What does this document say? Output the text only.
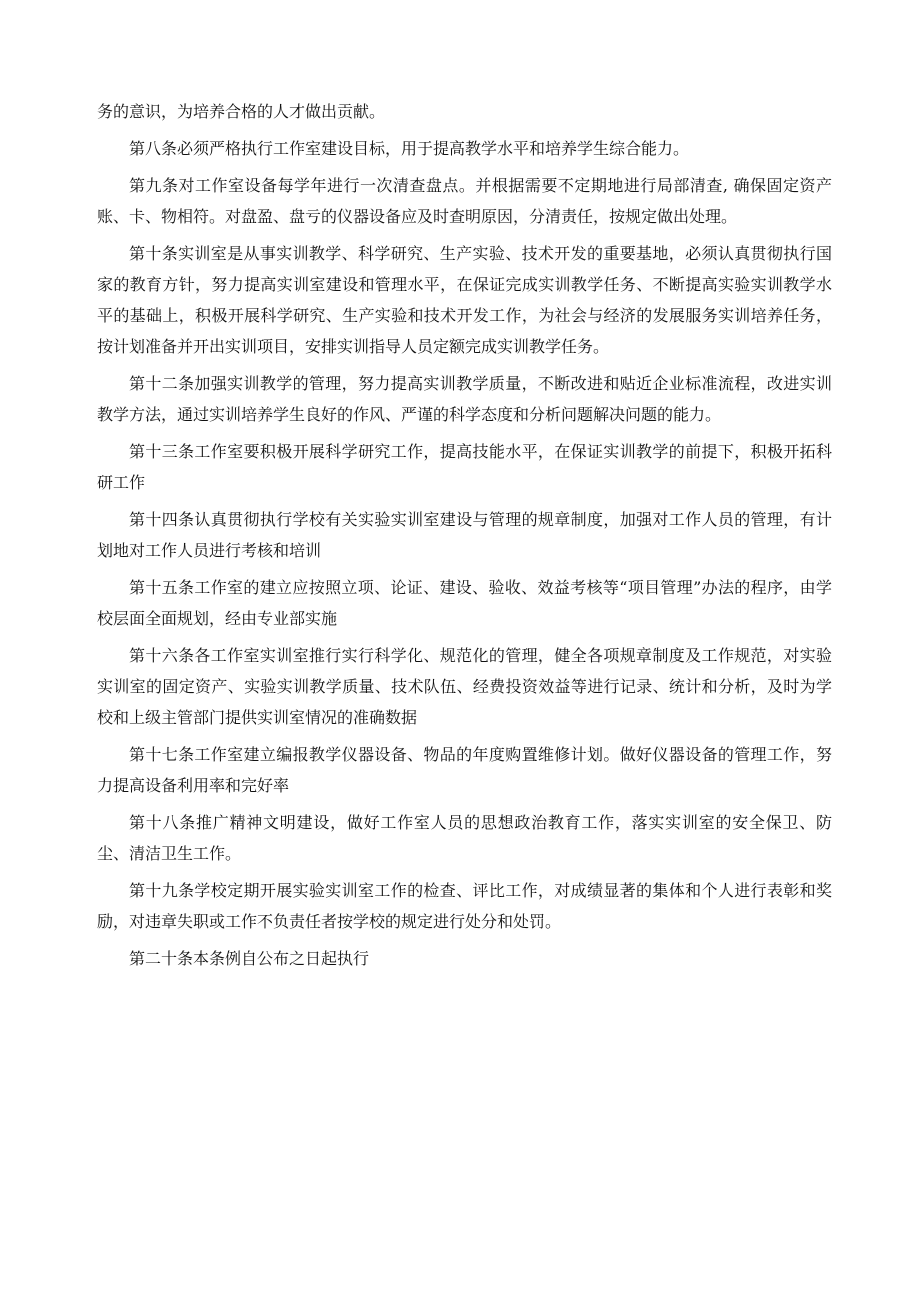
务的意识，为培养合格的人才做出贡献。

第八条必须严格执行工作室建设目标，用于提高教学水平和培养学生综合能力。

第九条对工作室设备每学年进行一次清查盘点。并根据需要不定期地进行局部清查, 确保固定资产账、卡、物相符。对盘盈、盘亏的仪器设备应及时查明原因，分清责任，按规定做出处理。

第十条实训室是从事实训教学、科学研究、生产实验、技术开发的重要基地，必须认真贯彻执行国家的教育方针，努力提高实训室建设和管理水平，在保证完成实训教学任务、不断提高实验实训教学水平的基础上，积极开展科学研究、生产实验和技术开发工作，为社会与经济的发展服务实训培养任务，按计划准备并开出实训项目，安排实训指导人员定额完成实训教学任务。

第十二条加强实训教学的管理，努力提高实训教学质量，不断改进和贴近企业标准流程，改进实训教学方法，通过实训培养学生良好的作风、严谨的科学态度和分析问题解决问题的能力。

第十三条工作室要积极开展科学研究工作，提高技能水平，在保证实训教学的前提下，积极开拓科研工作

第十四条认真贯彻执行学校有关实验实训室建设与管理的规章制度，加强对工作人员的管理，有计划地对工作人员进行考核和培训

第十五条工作室的建立应按照立项、论证、建设、验收、效益考核等“项目管理”办法的程序，由学校层面全面规划，经由专业部实施

第十六条各工作室实训室推行实行科学化、规范化的管理，健全各项规章制度及工作规范，对实验实训室的固定资产、实验实训教学质量、技术队伍、经费投资效益等进行记录、统计和分析，及时为学校和上级主管部门提供实训室情况的准确数据

第十七条工作室建立编报教学仪器设备、物品的年度购置维修计划。做好仪器设备的管理工作，努力提高设备利用率和完好率

第十八条推广精神文明建设，做好工作室人员的思想政治教育工作，落实实训室的安全保卫、防尘、清洁卫生工作。

第十九条学校定期开展实验实训室工作的检查、评比工作，对成绩显著的集体和个人进行表彰和奖励，对违章失职或工作不负责任者按学校的规定进行处分和处罚。

第二十条本条例自公布之日起执行
